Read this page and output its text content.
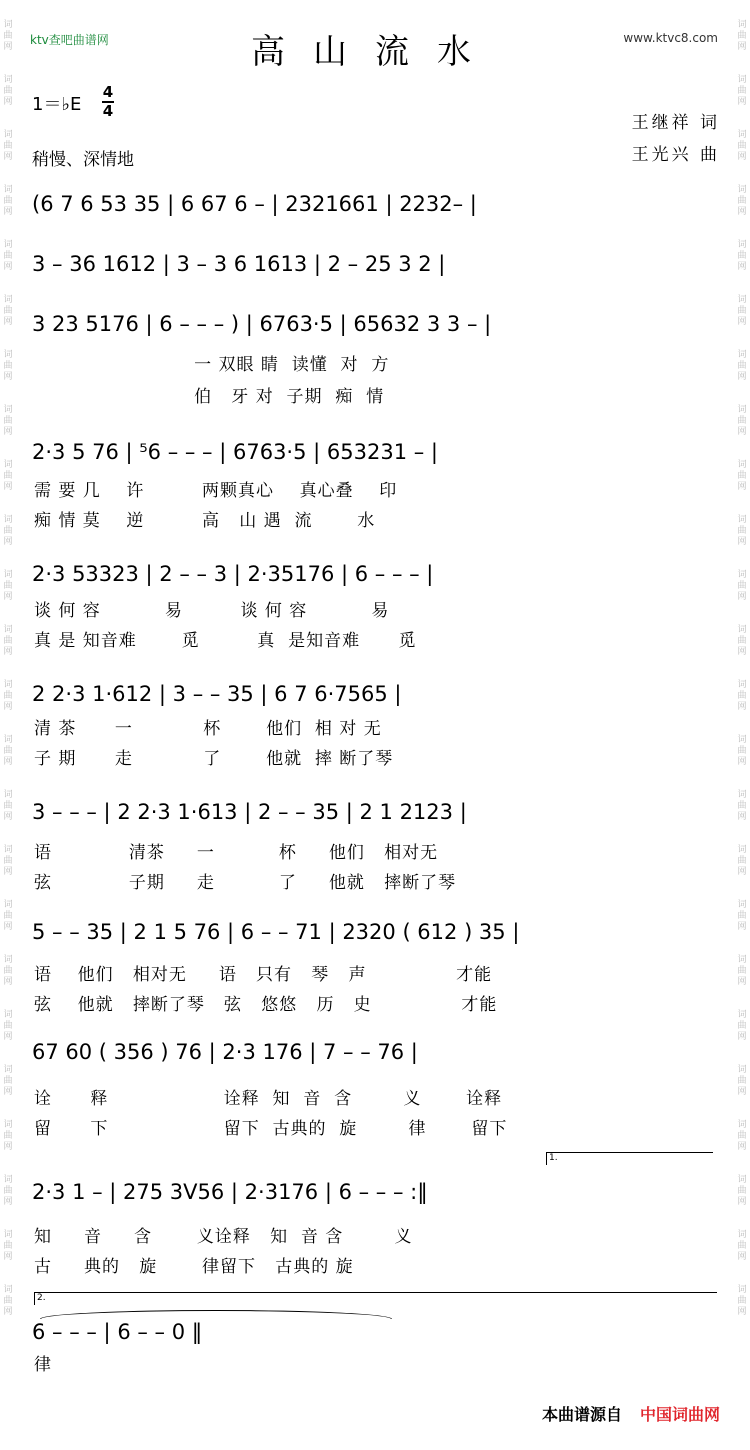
词
曲
网

词
曲
网

词
曲
网

词
曲
网

词
曲
网

词
曲
网

词
曲
网

词
曲
网

词
曲
网

词
曲
网

词
曲
网

词
曲
网

词
曲
网

词
曲
网

词
曲
网

词
曲
网

词
曲
网

词
曲
网

词
曲
网

词
曲
网

词
曲
网

词
曲
网

词
曲
网

词
曲
网

词
曲
网

词
曲
网

词
曲
网

词
曲
网

词
曲
网

词
曲
网

词
曲
网

词
曲
网

词
曲
网

词
曲
网

词
曲
网

词
曲
网

词
曲
网

词
曲
网

词
曲
网

词
曲
网

词
曲
网

词
曲
网

词
曲
网

词
曲
网

词
曲
网

词
曲
网

词
曲
网

词
曲
网

ktv查吧曲谱网	www.ktvc8.com
高山流水
1＝♭E
4
4
稍慢、深情地
王继祥 词
王光兴 曲
(6 7 6 53 35 | 6 67 6 – | 2321661 | 2232– |
3 – 36 1612 | 3 – 3 6 1613 | 2 – 25 3 2 |
3 23 5176 | 6 – – – ) | 6763·5 | 65632 3 3 – |
一 双眼 睛  读懂  对  方
伯   牙 对  子期  痴  情
2·3 5 76 | ⁵6 – – – | 6763·5 | 653231 – |
需 要 几    许         两颗真心    真心叠    印
痴 情 莫    逆         高   山 遇  流       水
2·3 53323 | 2 – – 3 | 2·35176 | 6 – – – |
谈 何 容          易         谈 何 容          易
真 是 知音难       觅         真  是知音难      觅
2 2·3 1·612 | 3 – – 35 | 6 7 6·7565 |
清 茶      一           杯       他们  相 对 无
子 期      走           了       他就  摔 断了琴
3 – – – | 2 2·3 1·613 | 2 – – 35 | 2 1 2123 |
语            清茶     一          杯     他们   相对无
弦            子期     走          了     他就   摔断了琴
5 – – 35 | 2 1 5 76 | 6 – – 71 | 2320 ( 612 ) 35 |
语    他们   相对无     语   只有   琴   声              才能
弦    他就   摔断了琴   弦   悠悠   历   史              才能
67 60 ( 356 ) 76 | 2·3 176 | 7 – – 76 |
诠      释                  诠释  知  音  含        义       诠释
留      下                  留下  古典的  旋        律       留下
1.
2·3 1 – | 275 3ᐯ56 | 2·3176 | 6 – – – :‖
知     音     含       义诠释   知  音 含        义
古     典的   旋       律留下   古典的 旋
2.
6 – – – | 6 – – 0 ‖
律
本曲谱源自 中国词曲网
